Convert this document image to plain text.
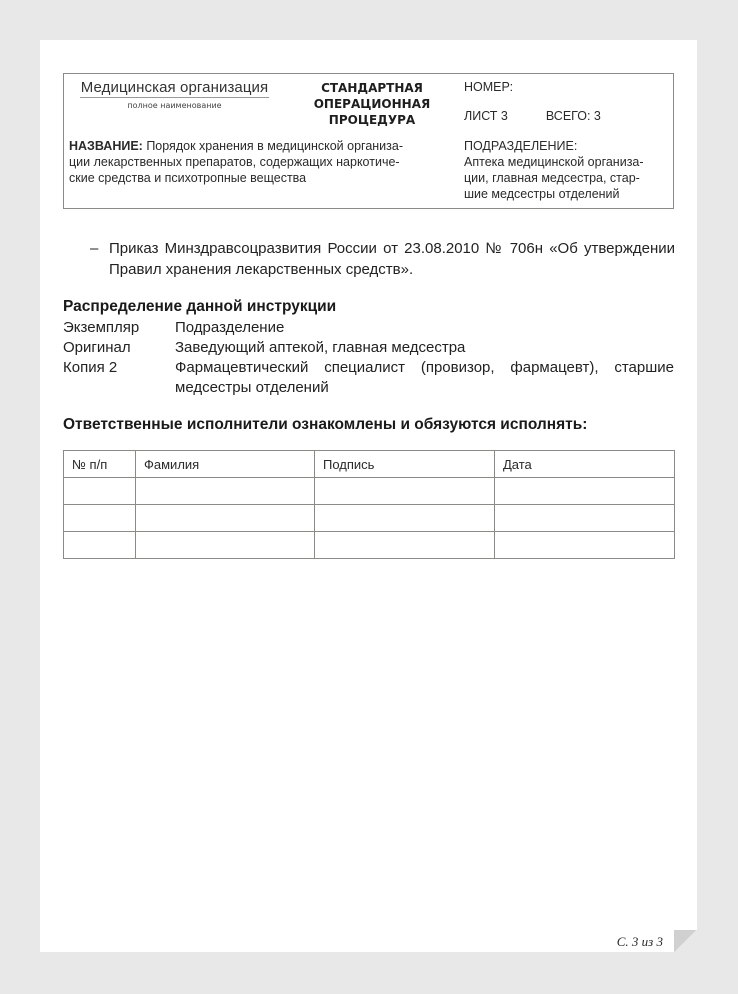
Медицинская организация
полное наименование
СТАНДАРТНАЯ
ОПЕРАЦИОННАЯ
ПРОЦЕДУРА
НОМЕР:
ЛИСТ 3	ВСЕГО: 3
НАЗВАНИЕ: Порядок хранения в медицинской организа-
ции лекарственных препаратов, содержащих наркотиче-
ские средства и психотропные вещества
ПОДРАЗДЕЛЕНИЕ:
Аптека медицинской организа-
ции, главная медсестра, стар-
шие медсестры отделений
– Приказ Минздравсоцразвития России от 23.08.2010 № 706н «Об утверждении Правил хранения лекарственных средств».
Распределение данной инструкции
Экземпляр	Подразделение
Оригинал	Заведующий аптекой, главная медсестра
Копия 2	Фармацевтический специалист (провизор, фармацевт), старшие медсестры отделений
Ответственные исполнители ознакомлены и обязуются исполнять:
№ п/п	Фамилия	Подпись	Дата

С. 3 из 3
